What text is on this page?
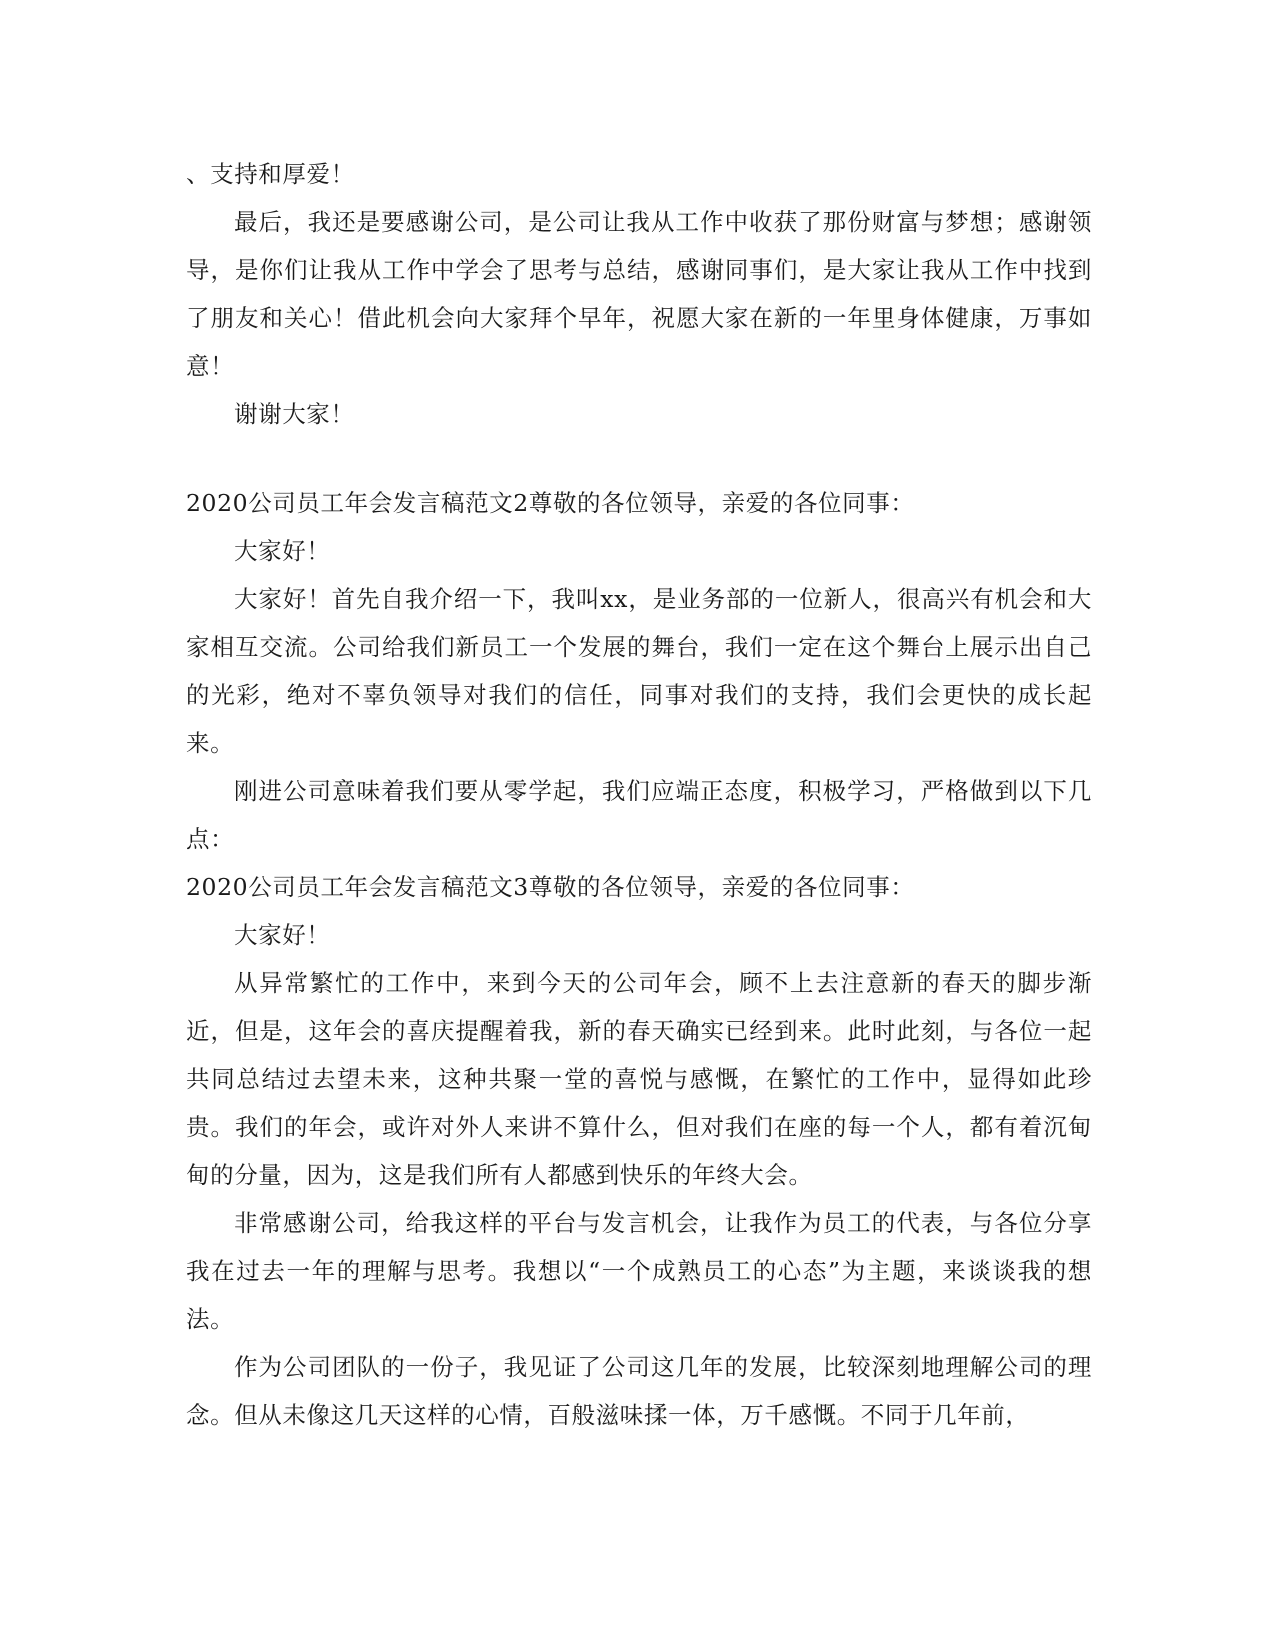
、支持和厚爱！

最后，我还是要感谢公司，是公司让我从工作中收获了那份财富与梦想；感谢领导，是你们让我从工作中学会了思考与总结，感谢同事们，是大家让我从工作中找到了朋友和关心！借此机会向大家拜个早年，祝愿大家在新的一年里身体健康，万事如意！

谢谢大家！

2020公司员工年会发言稿范文2尊敬的各位领导，亲爱的各位同事：

大家好！

大家好！首先自我介绍一下，我叫xx，是业务部的一位新人，很高兴有机会和大家相互交流。公司给我们新员工一个发展的舞台，我们一定在这个舞台上展示出自己的光彩，绝对不辜负领导对我们的信任，同事对我们的支持，我们会更快的成长起来。

刚进公司意味着我们要从零学起，我们应端正态度，积极学习，严格做到以下几点：

2020公司员工年会发言稿范文3尊敬的各位领导，亲爱的各位同事：

大家好！

从异常繁忙的工作中，来到今天的公司年会，顾不上去注意新的春天的脚步渐近，但是，这年会的喜庆提醒着我，新的春天确实已经到来。此时此刻，与各位一起共同总结过去望未来，这种共聚一堂的喜悦与感慨，在繁忙的工作中，显得如此珍贵。我们的年会，或许对外人来讲不算什么，但对我们在座的每一个人，都有着沉甸甸的分量，因为，这是我们所有人都感到快乐的年终大会。

非常感谢公司，给我这样的平台与发言机会，让我作为员工的代表，与各位分享我在过去一年的理解与思考。我想以“一个成熟员工的心态”为主题，来谈谈我的想法。

作为公司团队的一份子，我见证了公司这几年的发展，比较深刻地理解公司的理念。但从未像这几天这样的心情，百般滋味揉一体，万千感慨。不同于几年前，
